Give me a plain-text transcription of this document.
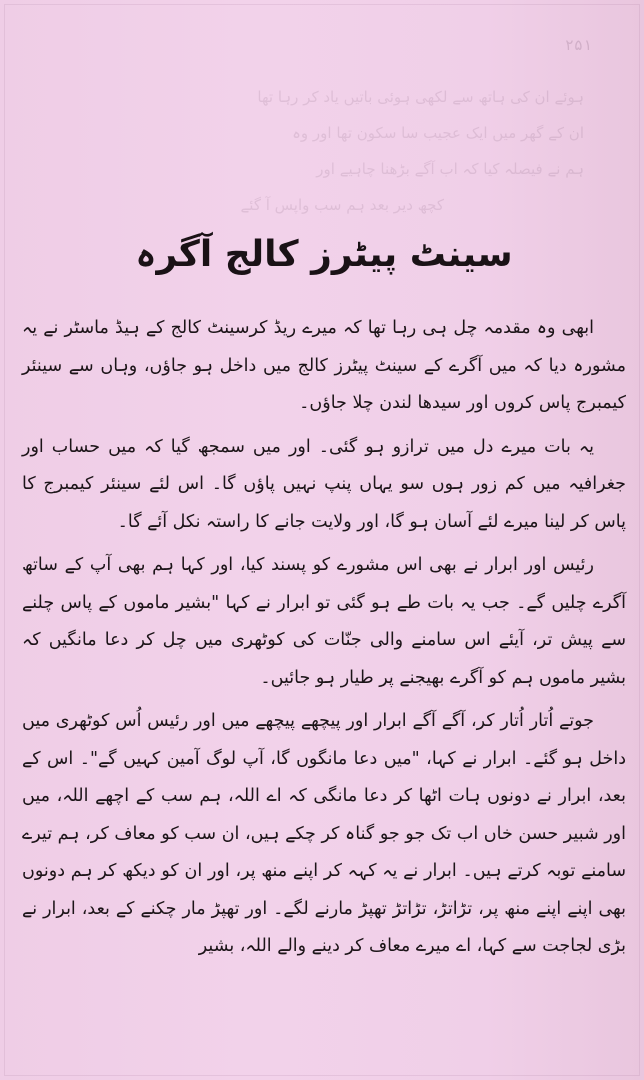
۲۵۱
ہوئے ان کی ہاتھ سے لکھی ہوئی باتیں یاد کر رہا تھا
ان کے گھر میں ایک عجیب سا سکون تھا اور وہ
ہم نے فیصلہ کیا کہ اب آگے بڑھنا چاہیے اور
کچھ دیر بعد ہم سب واپس آ گئے
سینٹ پیٹرز کالج آگرہ

ابھی وہ مقدمہ چل ہی رہا تھا کہ میرے ریڈ کرسینٹ کالج کے ہیڈ ماسٹر نے یہ مشورہ دیا کہ میں آگرے کے سینٹ پیٹرز کالج میں داخل ہو جاؤں، وہاں سے سینئر کیمبرج پاس کروں اور سیدھا لندن چلا جاؤں۔

یہ بات میرے دل میں ترازو ہو گئی۔ اور میں سمجھ گیا کہ میں حساب اور جغرافیہ میں کم زور ہوں سو یہاں پنپ نہیں پاؤں گا۔ اس لئے سینئر کیمبرج کا پاس کر لینا میرے لئے آسان ہو گا، اور ولایت جانے کا راستہ نکل آئے گا۔

رئیس اور ابرار نے بھی اس مشورے کو پسند کیا، اور کہا ہم بھی آپ کے ساتھ آگرے چلیں گے۔ جب یہ بات طے ہو گئی تو ابرار نے کہا "بشیر ماموں کے پاس چلنے سے پیش تر، آیئے اس سامنے والی جنّات کی کوٹھری میں چل کر دعا مانگیں کہ بشیر ماموں ہم کو آگرے بھیجنے پر طیار ہو جائیں۔

جوتے اُتار اُتار کر، آگے آگے ابرار اور پیچھے پیچھے میں اور رئیس اُس کوٹھری میں داخل ہو گئے۔ ابرار نے کہا، "میں دعا مانگوں گا، آپ لوگ آمین کہیں گے"۔ اس کے بعد، ابرار نے دونوں ہات اٹھا کر دعا مانگی کہ اے اللہ، ہم سب کے اچھے اللہ، میں اور شبیر حسن خاں اب تک جو جو گناہ کر چکے ہیں، ان سب کو معاف کر، ہم تیرے سامنے توبہ کرتے ہیں۔ ابرار نے یہ کہہ کر اپنے منھ پر، اور ان کو دیکھ کر ہم دونوں بھی اپنے اپنے منھ پر، تڑاتڑ، تڑاتڑ تھپڑ مارنے لگے۔ اور تھپڑ مار چکنے کے بعد، ابرار نے بڑی لجاجت سے کہا، اے میرے معاف کر دینے والے اللہ، بشیر
